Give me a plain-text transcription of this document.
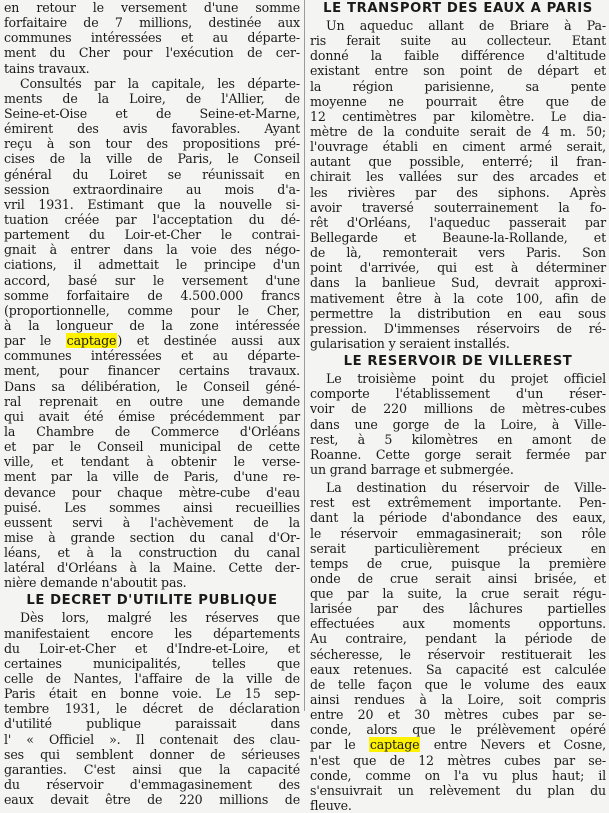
en retour le versement d'une somme
forfaitaire de 7 millions, destinée aux
communes intéressées et au départe-
ment du Cher pour l'exécution de cer-
tains travaux.
Consultés par la capitale, les départe-
ments de la Loire, de l'Allier, de
Seine-et-Oise et de Seine-et-Marne,
émirent des avis favorables. Ayant
reçu à son tour des propositions pré-
cises de la ville de Paris, le Conseil
général du Loiret se réunissait en
session extraordinaire au mois d'a-
vril 1931. Estimant que la nouvelle si-
tuation créée par l'acceptation du dé-
partement du Loir-et-Cher le contrai-
gnait à entrer dans la voie des négo-
ciations, il admettait le principe d'un
accord, basé sur le versement d'une
somme forfaitaire de 4.500.000 francs
(proportionnelle, comme pour le Cher,
à la longueur de la zone intéressée
par le captage) et destinée aussi aux
communes intéressées et au départe-
ment, pour financer certains travaux.
Dans sa délibération, le Conseil géné-
ral reprenait en outre une demande
qui avait été émise précédemment par
la Chambre de Commerce d'Orléans
et par le Conseil municipal de cette
ville, et tendant à obtenir le verse-
ment par la ville de Paris, d'une re-
devance pour chaque mètre-cube d'eau
puisé. Les sommes ainsi recueillies
eussent servi à l'achèvement de la
mise à grande section du canal d'Or-
léans, et à la construction du canal
latéral d'Orléans à la Maine. Cette der-
nière demande n'aboutit pas.
LE DECRET D'UTILITE PUBLIQUE
Dès lors, malgré les réserves que
manifestaient encore les départements
du Loir-et-Cher et d'Indre-et-Loire, et
certaines municipalités, telles que
celle de Nantes, l'affaire de la ville de
Paris était en bonne voie. Le 15 sep-
tembre 1931, le décret de déclaration
d'utilité publique paraissait dans
l' « Officiel ». Il contenait des clau-
ses qui semblent donner de sérieuses
garanties. C'est ainsi que la capacité
du réservoir d'emmagasinement des
eaux devait être de 220 millions de
LE TRANSPORT DES EAUX A PARIS
Un aqueduc allant de Briare à Pa-
ris ferait suite au collecteur. Etant
donné la faible différence d'altitude
existant entre son point de départ et
la région parisienne, sa pente
moyenne ne pourrait être que de
12 centimètres par kilomètre. Le dia-
mètre de la conduite serait de 4 m. 50;
l'ouvrage établi en ciment armé serait,
autant que possible, enterré; il fran-
chirait les vallées sur des arcades et
les rivières par des siphons. Après
avoir traversé souterrainement la fo-
rêt d'Orléans, l'aqueduc passerait par
Bellegarde et Beaune-la-Rollande, et
de là, remonterait vers Paris. Son
point d'arrivée, qui est à déterminer
dans la banlieue Sud, devrait approxi-
mativement être à la cote 100, afin de
permettre la distribution en eau sous
pression. D'immenses réservoirs de ré-
gularisation y seraient installés.
LE RESERVOIR DE VILLEREST
Le troisième point du projet officiel
comporte l'établissement d'un réser-
voir de 220 millions de mètres-cubes
dans une gorge de la Loire, à Ville-
rest, à 5 kilomètres en amont de
Roanne. Cette gorge serait fermée par
un grand barrage et submergée.
La destination du réservoir de Ville-
rest est extrêmement importante. Pen-
dant la période d'abondance des eaux,
le réservoir emmagasinerait; son rôle
serait particulièrement précieux en
temps de crue, puisque la première
onde de crue serait ainsi brisée, et
que par la suite, la crue serait régu-
larisée par des lâchures partielles
effectuées aux moments opportuns.
Au contraire, pendant la période de
sécheresse, le réservoir restituerait les
eaux retenues. Sa capacité est calculée
de telle façon que le volume des eaux
ainsi rendues à la Loire, soit compris
entre 20 et 30 mètres cubes par se-
conde, alors que le prélèvement opéré
par le captage entre Nevers et Cosne,
n'est que de 12 mètres cubes par se-
conde, comme on l'a vu plus haut; il
s'ensuivrait un relèvement du plan du
fleuve.
